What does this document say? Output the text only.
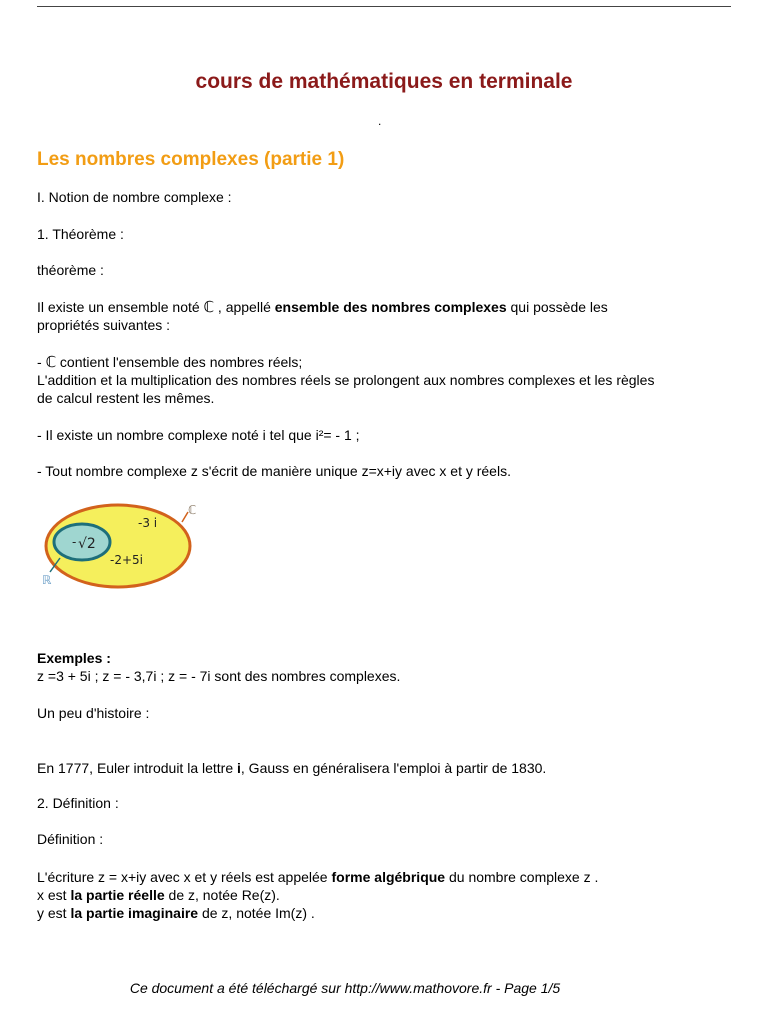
cours de mathématiques en terminale
.
Les nombres complexes (partie 1)
I. Notion de nombre complexe :
1. Théorème :
théorème :
Il existe un ensemble noté ℂ , appellé ensemble des nombres complexes qui possède les
propriétés suivantes :
- ℂ contient l'ensemble des nombres réels;
L'addition et la multiplication des nombres réels se prolongent aux nombres complexes et les règles
de calcul restent les mêmes.
- Il existe un nombre complexe noté i tel que i²= - 1 ;
- Tout nombre complexe z s'écrit de manière unique z=x+iy avec x et y réels.
ℂ
ℝ
-3 i
- √2
-2+5i
Exemples :
z =3 + 5i ; z = - 3,7i ; z = - 7i sont des nombres complexes.
Un peu d'histoire :
En 1777, Euler introduit la lettre i, Gauss en généralisera l'emploi à partir de 1830.
2. Définition :
Définition :
L'écriture z = x+iy avec x et y réels est appelée forme algébrique du nombre complexe z .
x est la partie réelle de z, notée Re(z).
y est la partie imaginaire de z, notée Im(z) .
Ce document a été téléchargé sur http://www.mathovore.fr - Page 1/5
